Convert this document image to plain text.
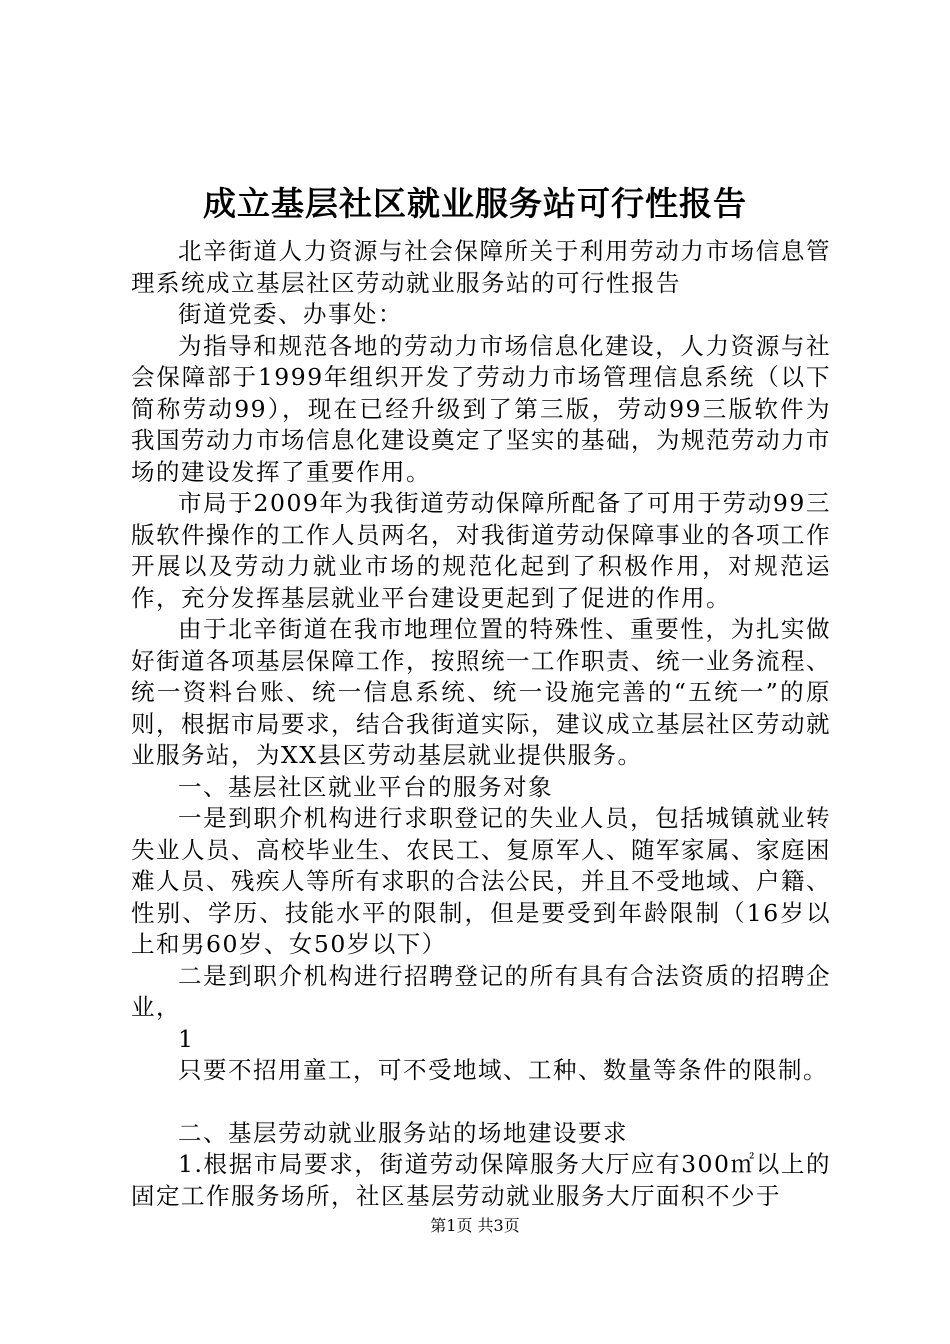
成立基层社区就业服务站可行性报告

北辛街道人力资源与社会保障所关于利用劳动力市场信息管理系统成立基层社区劳动就业服务站的可行性报告

街道党委、办事处：

为指导和规范各地的劳动力市场信息化建设，人力资源与社会保障部于1999年组织开发了劳动力市场管理信息系统（以下简称劳动99），现在已经升级到了第三版，劳动99三版软件为我国劳动力市场信息化建设奠定了坚实的基础，为规范劳动力市场的建设发挥了重要作用。

市局于2009年为我街道劳动保障所配备了可用于劳动99三版软件操作的工作人员两名，对我街道劳动保障事业的各项工作开展以及劳动力就业市场的规范化起到了积极作用，对规范运作，充分发挥基层就业平台建设更起到了促进的作用。

由于北辛街道在我市地理位置的特殊性、重要性，为扎实做好街道各项基层保障工作，按照统一工作职责、统一业务流程、统一资料台账、统一信息系统、统一设施完善的“五统一”的原则，根据市局要求，结合我街道实际，建议成立基层社区劳动就业服务站，为XX县区劳动基层就业提供服务。

一、基层社区就业平台的服务对象

一是到职介机构进行求职登记的失业人员，包括城镇就业转失业人员、高校毕业生、农民工、复原军人、随军家属、家庭困难人员、残疾人等所有求职的合法公民，并且不受地域、户籍、性别、学历、技能水平的限制，但是要受到年龄限制（16岁以上和男60岁、女50岁以下）

二是到职介机构进行招聘登记的所有具有合法资质的招聘企业，

1

只要不招用童工，可不受地域、工种、数量等条件的限制。

二、基层劳动就业服务站的场地建设要求

1.根据市局要求，街道劳动保障服务大厅应有300㎡以上的固定工作服务场所，社区基层劳动就业服务大厅面积不少于

第1页 共3页
